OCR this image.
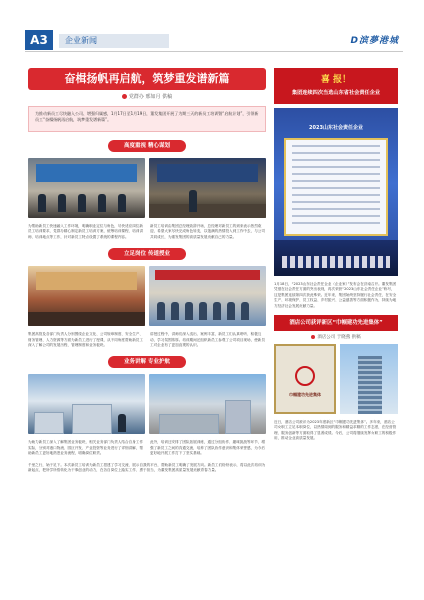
A3	企业新闻	D滨夢港城
奋楫扬帆再启航，筑梦重发谱新篇
党群办 邢如月 供稿
为推动新员工尽快融入公司、增强归属感，1月17日至1月19日，董发集团开展了为期三天的新员工培训暨“启航计划”，引领新员工“奋楫扬帆再启航，筑梦重发谱新篇”。
高度重视 精心谋划

为帮助新员工快速融入工作环境，明确职业定位与角色，尽快适应岗位新员工培训要求，党群办精心制定新员工培训方案，统筹培训课程、培训讲师、培训地点等工作，针对新员工特点设置了系统的课程内容。

新员工培训由集团总经理致辞开场，总经理对新员工的到来表示热烈欢迎，希望大家尽快完成角色转变，以饱满的热情投入到工作中去，与公司共同成长，为重发集团的高质量发展贡献自己的力量。

立足岗位 传道授业

集团高管及各部门负责人分别围绕企业文化、公司规章制度、安全生产、财务管理、人力资源等方面为新员工进行了授课，从不同角度帮助新员工深入了解公司的发展历程、管理制度和业务板块。

讲授过程中，讲师们深入浅出、案例丰富，新员工们认真聆听、积极互动，学习氛围浓厚。培训期间还组织新员工参观了公司项目现场，使新员工对企业有了更加直观的认识。

业务讲解 专业护航

为助力新员工深入了解集团业务板块，相关业务部门负责人结合自身工作实际，分别对港口物流、园区开发、产业投资等业务进行了详细讲解，帮助新员工更好地熟悉业务流程，明确岗位职责。

此外，培训还安排了团队拓展训练，通过分组协作、趣味挑战等环节，增强了新员工之间的沟通交流，培养了团队协作意识和集体荣誉感，为今后更好地开展工作打下了坚实基础。

千里之行，始于足下。本次新员工培训为新员工搭建了学习交流、展示自我的平台，帮助新员工明确了发展方向。新员工们纷纷表示，将以此次培训为新起点，把所学所悟转化为干事创业的动力，在各自岗位上踏实工作、勇于担当，为董发集团高质量发展贡献青春力量。

喜 报！
集团连续四次当选山东省社会责任企业
2023山东社会责任企业

1月18日，“2023山东社会责任企业（企业家）”发布会在济南召开。董发集团凭借在社会责任方面的突出表现，再次荣获“2023山东社会责任企业”称号，这是集团连续第四次获此殊荣。近年来，集团始终坚持履行社会责任，在安全生产、环境保护、员工权益、乡村振兴、公益慈善等方面积极作为，持续为地方经济社会发展贡献力量。

酒店公司获评新区“巾帼建功先进集体”
酒店公司 于晓燕 供稿
巾帼建功先进集体

近日，酒店公司被评为2023年度新区“巾帼建功先进集体”。多年来，酒店公司女职工立足本职岗位，以热情周到的服务和精益求精的工作态度，在经营管理、服务创新等方面取得了显著成绩。今后，公司将继续发挥女职工的积极作用，推动企业高质量发展。
